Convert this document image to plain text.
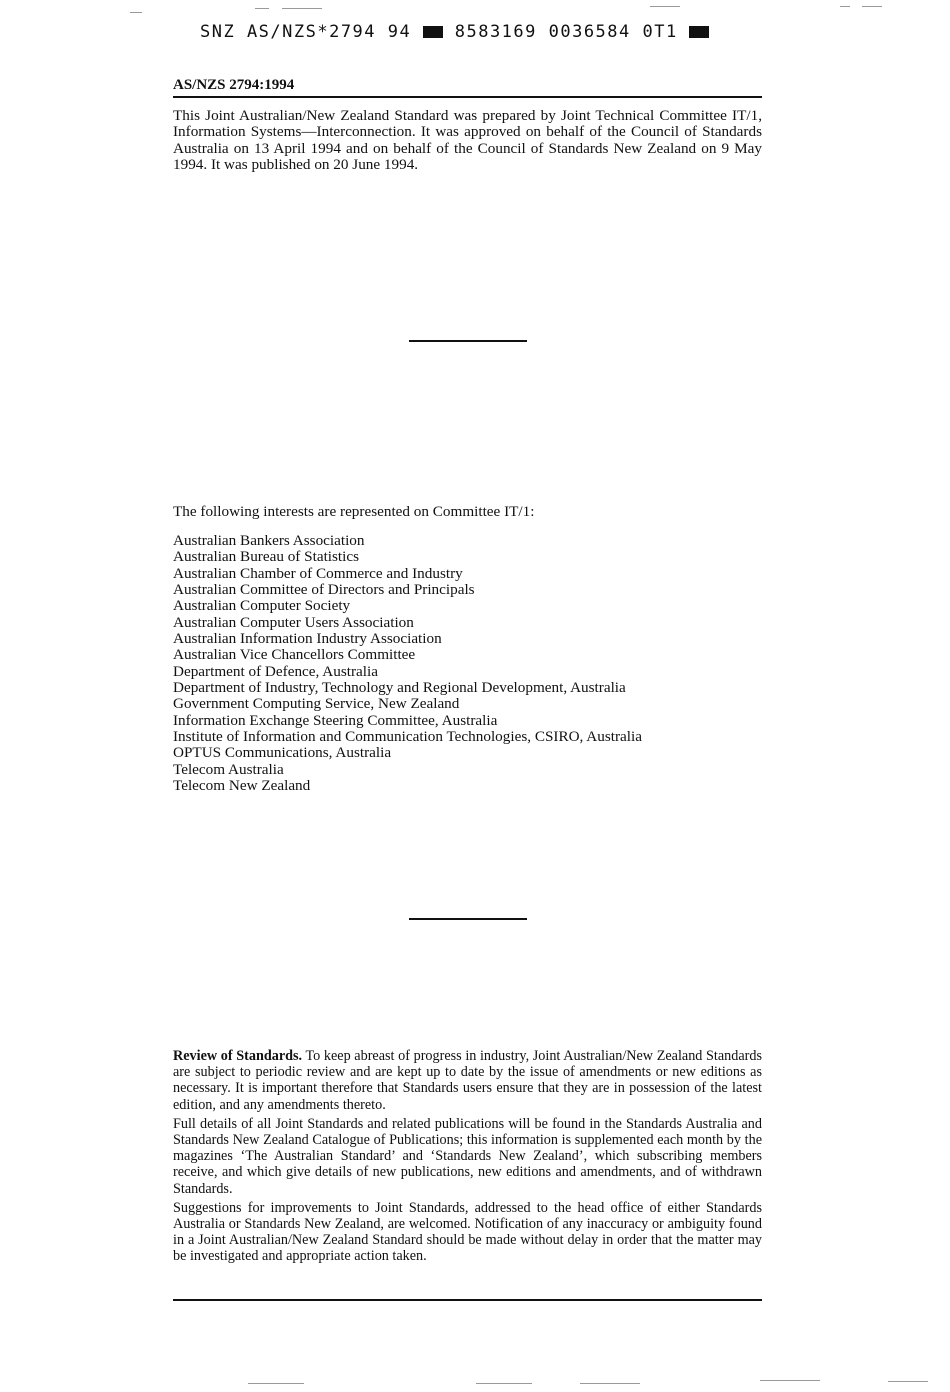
SNZ AS/NZS*2794 94	8583169 0036584 0T1
AS/NZS 2794:1994
This Joint Australian/New Zealand Standard was prepared by Joint Technical Committee IT/1, Information Systems—Interconnection. It was approved on behalf of the Council of Standards Australia on 13 April 1994 and on behalf of the Council of Standards New Zealand on 9 May 1994. It was published on 20 June 1994.
The following interests are represented on Committee IT/1:
Australian Bankers Association
Australian Bureau of Statistics
Australian Chamber of Commerce and Industry
Australian Committee of Directors and Principals
Australian Computer Society
Australian Computer Users Association
Australian Information Industry Association
Australian Vice Chancellors Committee
Department of Defence, Australia
Department of Industry, Technology and Regional Development, Australia
Government Computing Service, New Zealand
Information Exchange Steering Committee, Australia
Institute of Information and Communication Technologies, CSIRO, Australia
OPTUS Communications, Australia
Telecom Australia
Telecom New Zealand

Review of Standards. To keep abreast of progress in industry, Joint Australian/New Zealand Standards are subject to periodic review and are kept up to date by the issue of amendments or new editions as necessary. It is important therefore that Standards users ensure that they are in possession of the latest edition, and any amendments thereto.

Full details of all Joint Standards and related publications will be found in the Standards Australia and Standards New Zealand Catalogue of Publications; this information is supplemented each month by the magazines ‘The Australian Standard’ and ‘Standards New Zealand’, which subscribing members receive, and which give details of new publications, new editions and amendments, and of withdrawn Standards.

Suggestions for improvements to Joint Standards, addressed to the head office of either Standards Australia or Standards New Zealand, are welcomed. Notification of any inaccuracy or ambiguity found in a Joint Australian/New Zealand Standard should be made without delay in order that the matter may be investigated and appropriate action taken.
